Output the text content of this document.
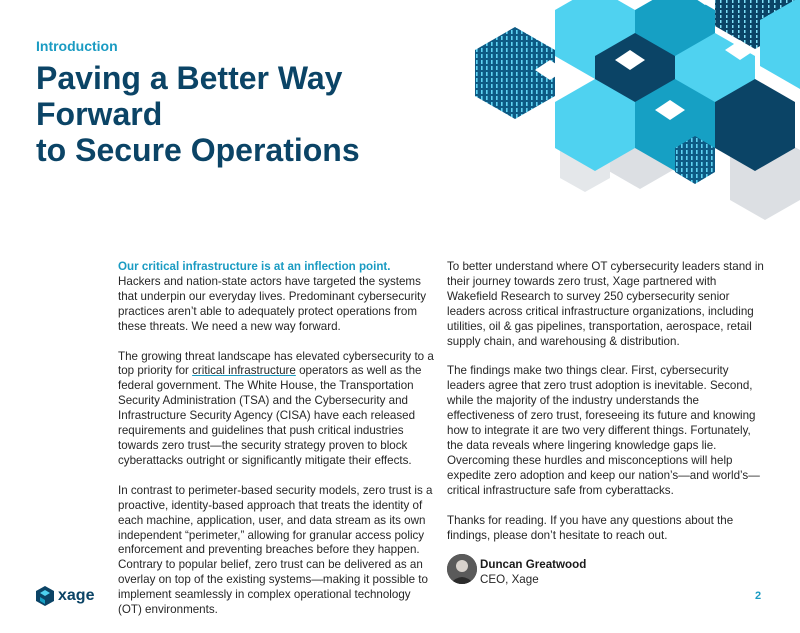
Introduction
Paving a Better Way Forward
to Secure Operations

Our critical infrastructure is at an inflection point. Hackers and nation-state actors have targeted the systems that underpin our everyday lives. Predominant cybersecurity practices aren’t able to adequately protect operations from these threats. We need a new way forward.

The growing threat landscape has elevated cybersecurity to a top priority for critical infrastructure operators as well as the federal government. The White House, the Transportation Security Administration (TSA) and the Cybersecurity and Infrastructure Security Agency (CISA) have each released requirements and guidelines that push critical industries towards zero trust—the security strategy proven to block cyberattacks outright or significantly mitigate their effects.

In contrast to perimeter-based security models, zero trust is a proactive, identity-based approach that treats the identity of each machine, application, user, and data stream as its own independent “perimeter,” allowing for granular access policy enforcement and preventing breaches before they happen. Contrary to popular belief, zero trust can be delivered as an overlay on top of the existing systems—making it possible to implement seamlessly in complex operational technology (OT) environments.

To better understand where OT cybersecurity leaders stand in their journey towards zero trust, Xage partnered with Wakefield Research to survey 250 cybersecurity senior leaders across critical infrastructure organizations, including utilities, oil & gas pipelines, transportation, aerospace, retail supply chain, and warehousing & distribution.

The findings make two things clear. First, cybersecurity leaders agree that zero trust adoption is inevitable. Second, while the majority of the industry understands the effectiveness of zero trust, foreseeing its future and knowing how to integrate it are two very different things. Fortunately, the data reveals where lingering knowledge gaps lie. Overcoming these hurdles and misconceptions will help expedite zero adoption and keep our nation’s—and world’s—critical infrastructure safe from cyberattacks.

Thanks for reading. If you have any questions about the findings, please don’t hesitate to reach out.

Duncan Greatwood
CEO, Xage
xage	2
